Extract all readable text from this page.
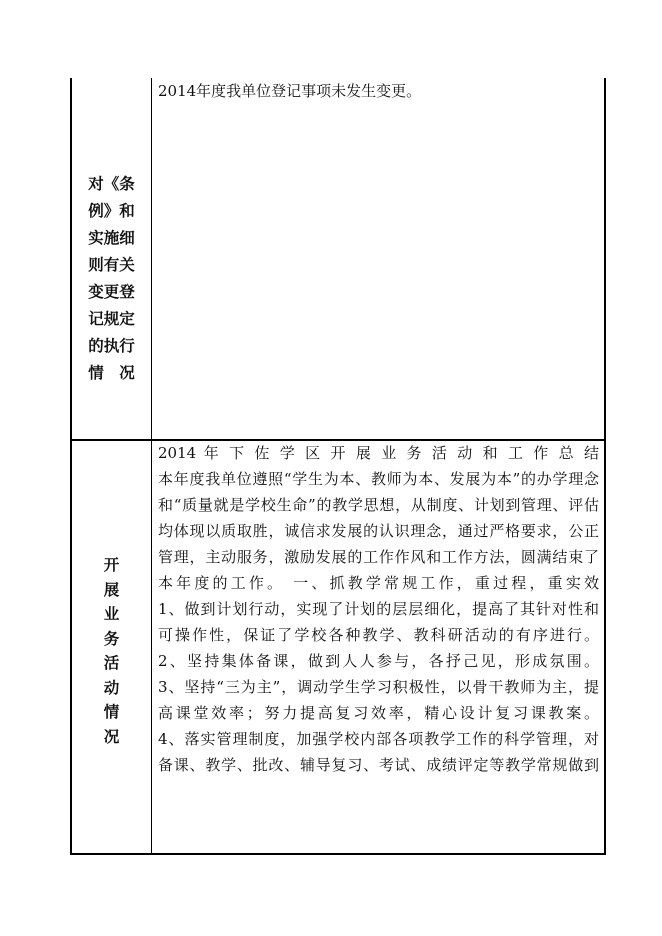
对《条
例》和
实施细
则有关
变更登
记规定
的执行
情　况
2014年度我单位登记事项未发生变更。
开
展
业
务
活
动
情
况
2014 年 下 佐 学 区 开 展 业 务 活 动 和 工 作 总 结
本年度我单位遵照“学生为本、教师为本、发展为本”的办学理念
和“质量就是学校生命”的教学思想，从制度、计划到管理、评估
均体现以质取胜，诚信求发展的认识理念，通过严格要求，公正
管理，主动服务，激励发展的工作作风和工作方法，圆满结束了
本年度的工作。 一、抓教学常规工作，重过程，重实效
1、做到计划行动，实现了计划的层层细化，提高了其针对性和
可操作性，保证了学校各种教学、教科研活动的有序进行。
2、坚持集体备课，做到人人参与，各抒己见，形成氛围。
3、坚持“三为主”，调动学生学习积极性，以骨干教师为主，提
高课堂效率；努力提高复习效率，精心设计复习课教案。
4、落实管理制度，加强学校内部各项教学工作的科学管理，对
备课、教学、批改、辅导复习、考试、成绩评定等教学常规做到
